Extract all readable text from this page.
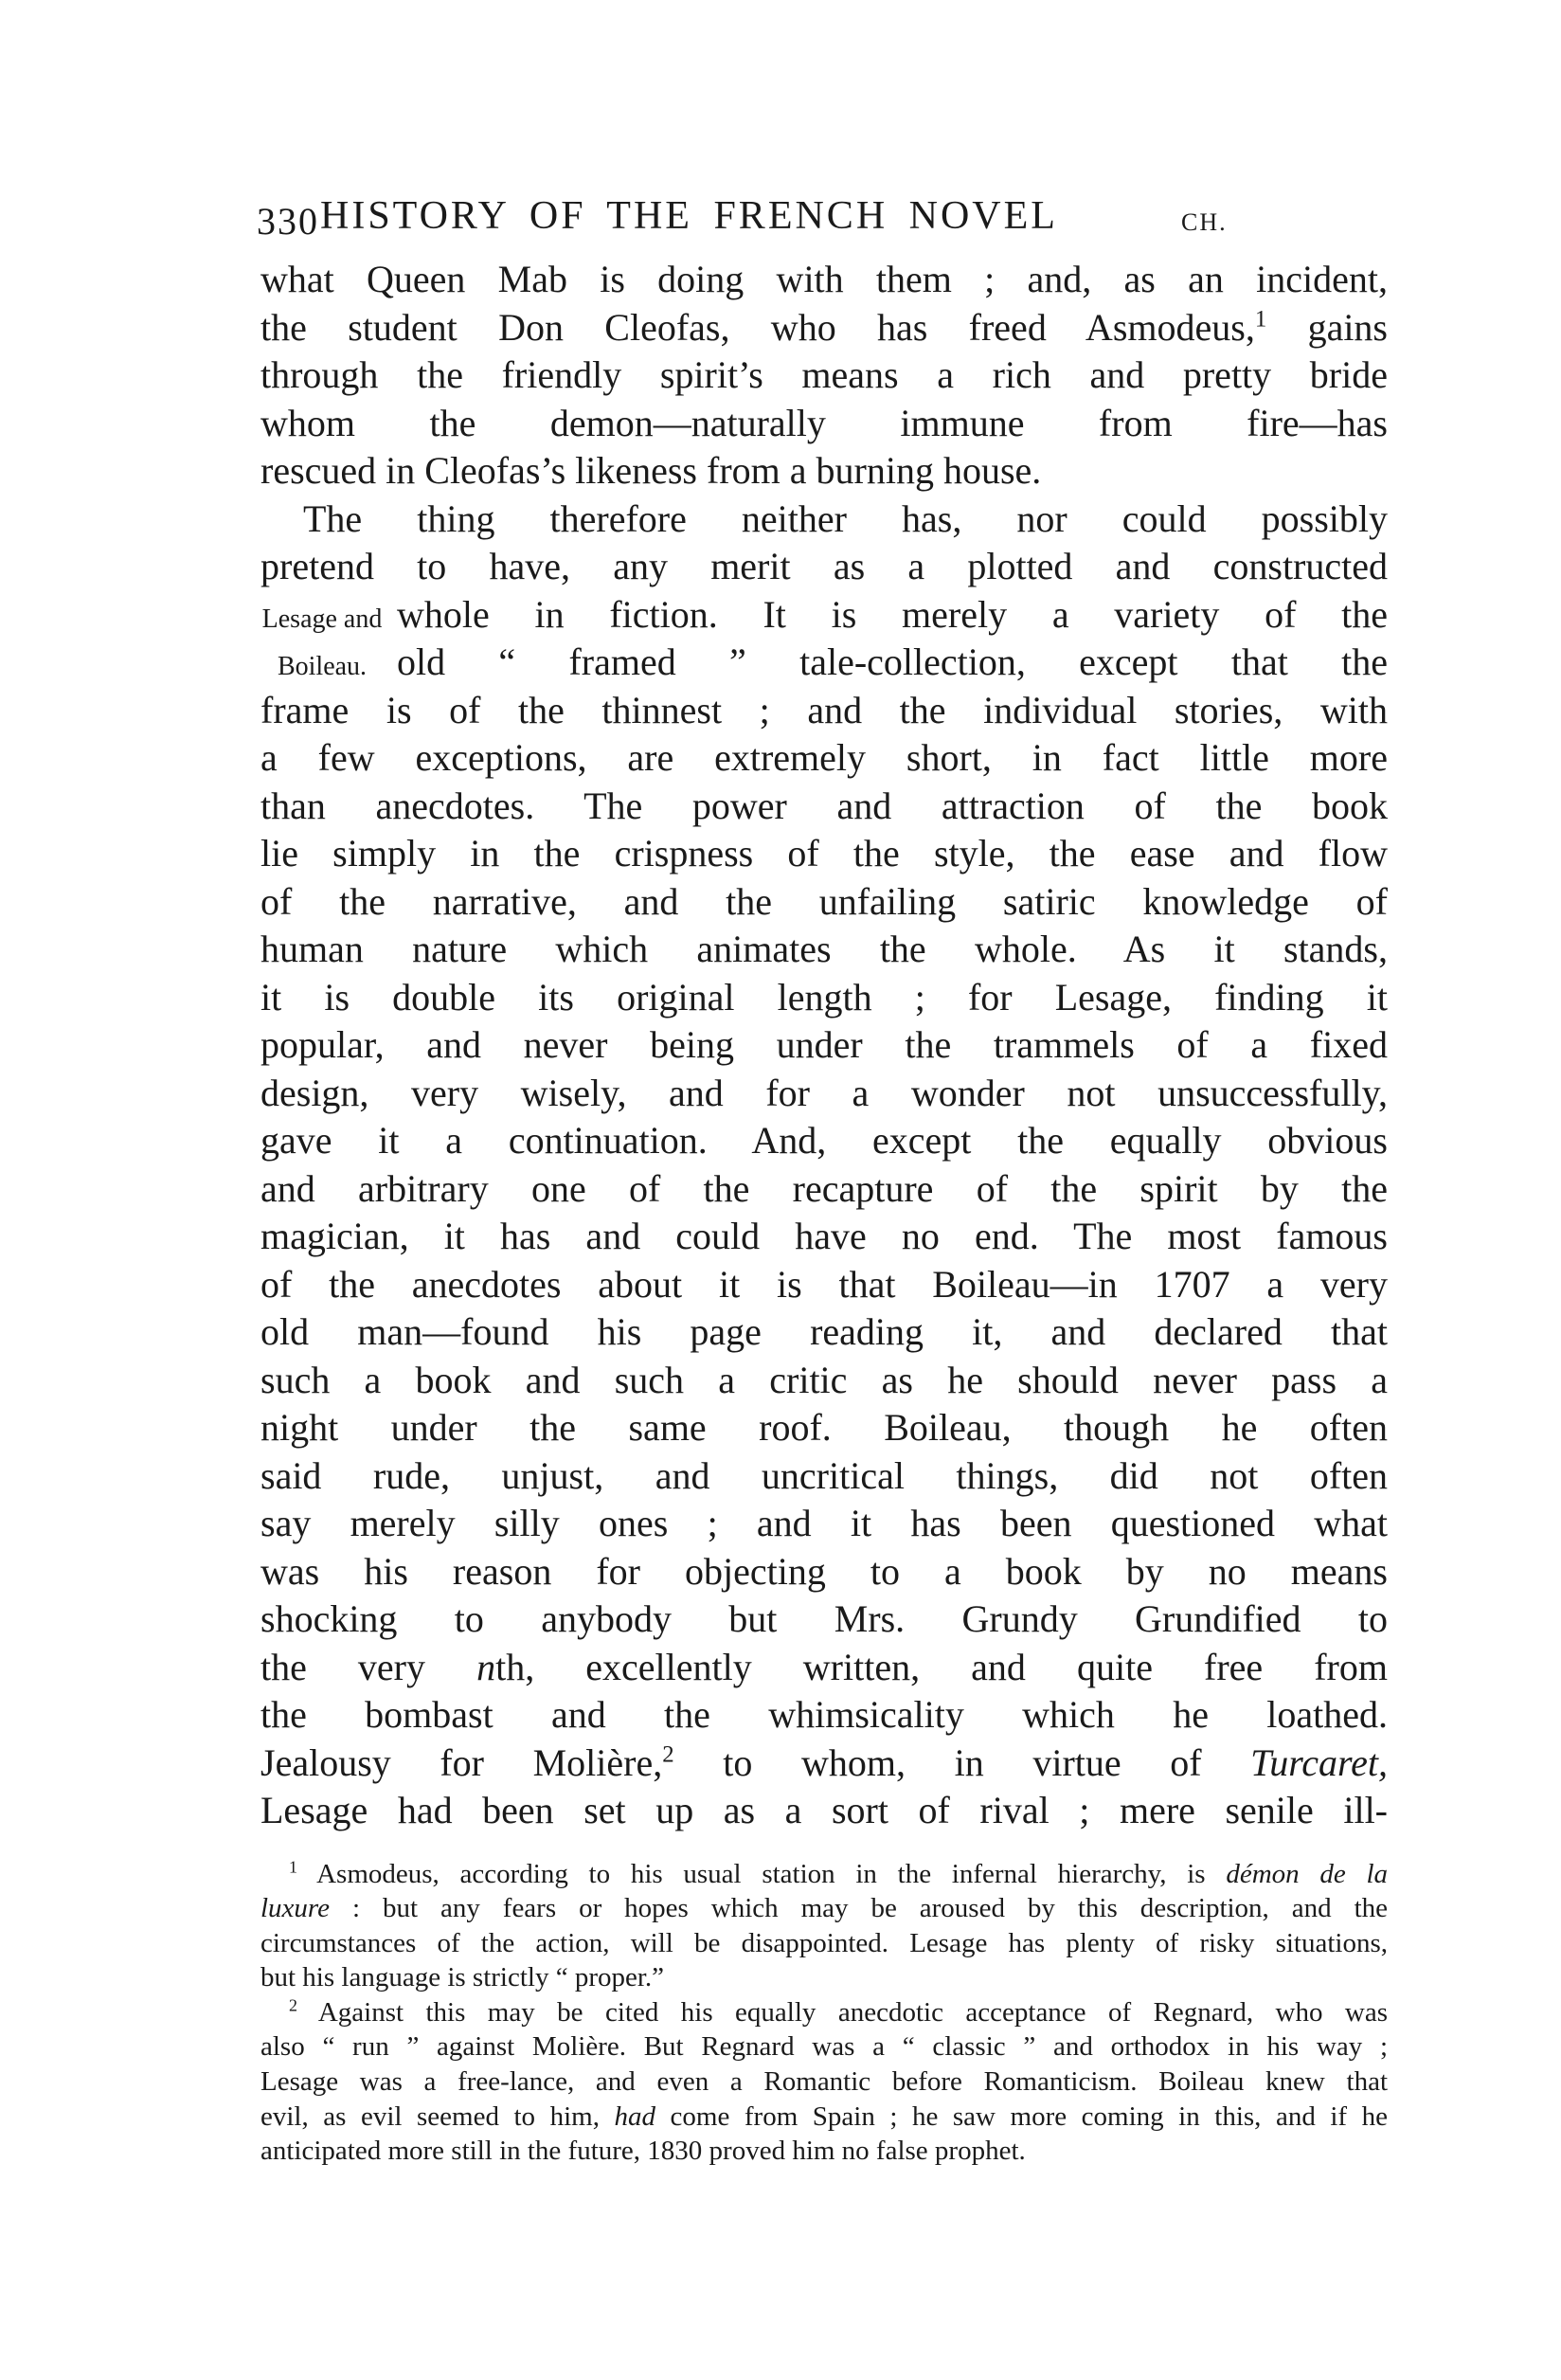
330 HISTORY OF THE FRENCH NOVEL	CH.
what Queen Mab is doing with them ; and, as an incident,
the student Don Cleofas, who has freed Asmodeus,$^1$ gains
through the friendly spirit’s means a rich and pretty bride
whom the demon—naturally immune from fire—has
rescued in Cleofas’s likeness from a burning house.
The thing therefore neither has, nor could possibly
pretend to have, any merit as a plotted and constructed
Lesage and whole in fiction. It is merely a variety of the
Boileau. old “ framed ” tale-collection, except that the
frame is of the thinnest ; and the individual stories, with
a few exceptions, are extremely short, in fact little more
than anecdotes. The power and attraction of the book
lie simply in the crispness of the style, the ease and flow
of the narrative, and the unfailing satiric knowledge of
human nature which animates the whole. As it stands,
it is double its original length ; for Lesage, finding it
popular, and never being under the trammels of a fixed
design, very wisely, and for a wonder not unsuccessfully,
gave it a continuation. And, except the equally obvious
and arbitrary one of the recapture of the spirit by the
magician, it has and could have no end. The most famous
of the anecdotes about it is that Boileau—in 1707 a very
old man—found his page reading it, and declared that
such a book and such a critic as he should never pass a
night under the same roof. Boileau, though he often
said rude, unjust, and uncritical things, did not often
say merely silly ones ; and it has been questioned what
was his reason for objecting to a book by no means
shocking to anybody but Mrs. Grundy Grundified to
the very nth, excellently written, and quite free from
the bombast and the whimsicality which he loathed.
Jealousy for Molière,$^2$ to whom, in virtue of Turcaret,
Lesage had been set up as a sort of rival ; mere senile ill-
$^1$ Asmodeus, according to his usual station in the infernal hierarchy, is démon de la
luxure : but any fears or hopes which may be aroused by this description, and the
circumstances of the action, will be disappointed. Lesage has plenty of risky situations,
but his language is strictly “ proper.”
$^2$ Against this may be cited his equally anecdotic acceptance of Regnard, who was
also “ run ” against Molière. But Regnard was a “ classic ” and orthodox in his way ;
Lesage was a free-lance, and even a Romantic before Romanticism. Boileau knew that
evil, as evil seemed to him, had come from Spain ; he saw more coming in this, and if he
anticipated more still in the future, 1830 proved him no false prophet.
